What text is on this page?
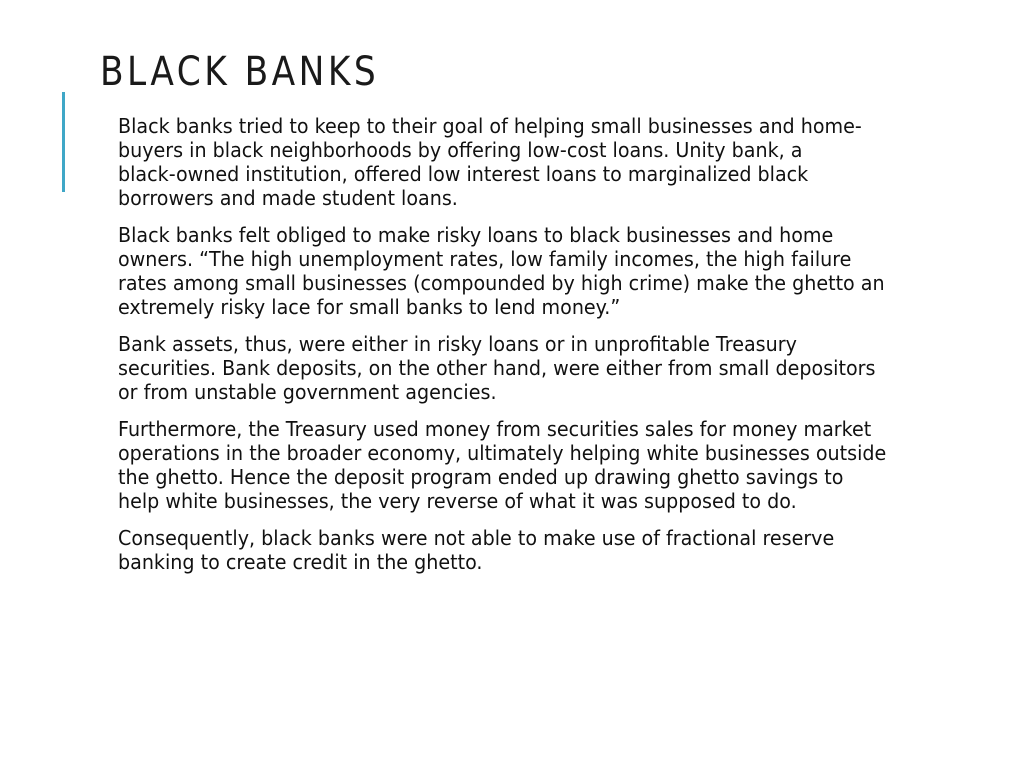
BLACK BANKS

Black banks tried to keep to their goal of helping small businesses and home-
buyers in black neighborhoods by offering low-cost loans. Unity bank, a
black-owned institution, offered low interest loans to marginalized black
borrowers and made student loans.

Black banks felt obliged to make risky loans to black businesses and home
owners. “The high unemployment rates, low family incomes, the high failure
rates among small businesses (compounded by high crime) make the ghetto an
extremely risky lace for small banks to lend money.”

Bank assets, thus, were either in risky loans or in unprofitable Treasury
securities. Bank deposits, on the other hand, were either from small depositors
or from unstable government agencies.

Furthermore, the Treasury used money from securities sales for money market
operations in the broader economy, ultimately helping white businesses outside
the ghetto. Hence the deposit program ended up drawing ghetto savings to
help white businesses, the very reverse of what it was supposed to do.

Consequently, black banks were not able to make use of fractional reserve
banking to create credit in the ghetto.
